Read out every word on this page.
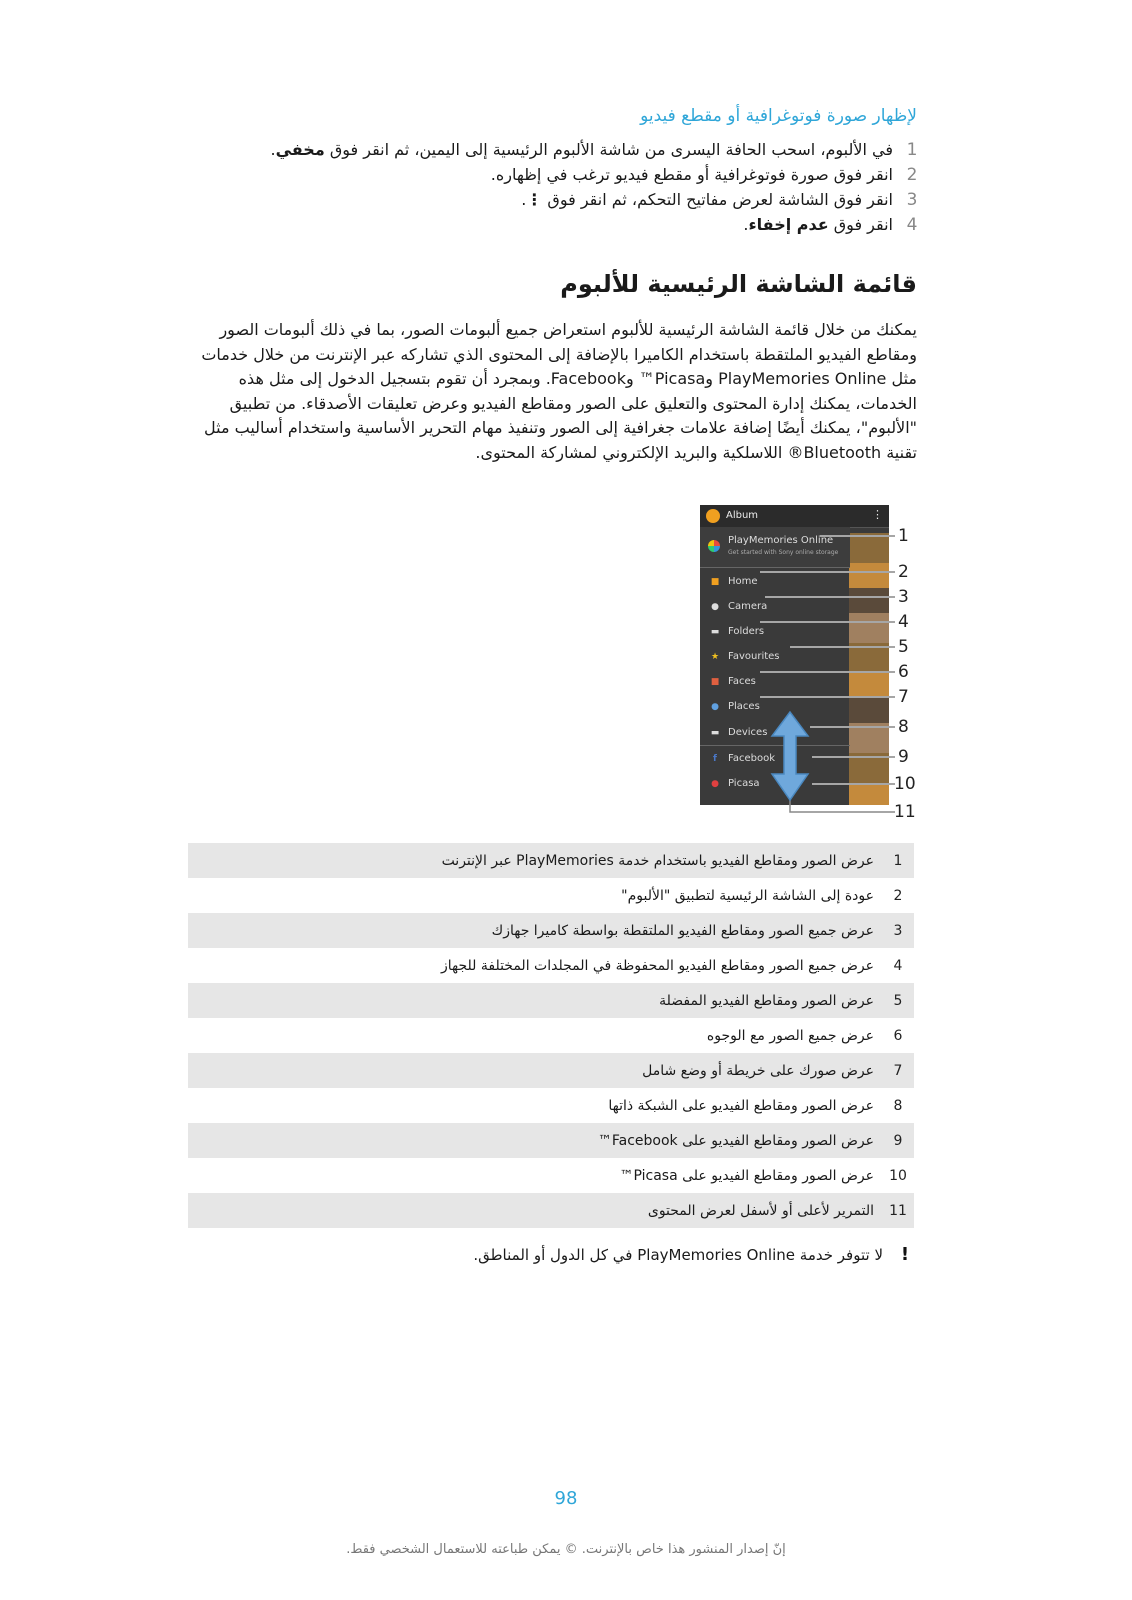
لإظهار صورة فوتوغرافية أو مقطع فيديو
1
في الألبوم، اسحب الحافة اليسرى من شاشة الألبوم الرئيسية إلى اليمين، ثم انقر فوق مخفي.
2
انقر فوق صورة فوتوغرافية أو مقطع فيديو ترغب في إظهاره.
3
انقر فوق الشاشة لعرض مفاتيح التحكم، ثم انقر فوق ⋮.
4
انقر فوق عدم إخفاء.
قائمة الشاشة الرئيسية للألبوم
يمكنك من خلال قائمة الشاشة الرئيسية للألبوم استعراض جميع ألبومات الصور، بما في ذلك ألبومات الصور ومقاطع الفيديو الملتقطة باستخدام الكاميرا بالإضافة إلى المحتوى الذي تشاركه عبر الإنترنت من خلال خدمات مثل PlayMemories Online وPicasa™ وFacebook. وبمجرد أن تقوم بتسجيل الدخول إلى مثل هذه الخدمات، يمكنك إدارة المحتوى والتعليق على الصور ومقاطع الفيديو وعرض تعليقات الأصدقاء. من تطبيق "الألبوم"، يمكنك أيضًا إضافة علامات جغرافية إلى الصور وتنفيذ مهام التحرير الأساسية واستخدام أساليب مثل تقنية Bluetooth® اللاسلكية والبريد الإلكتروني لمشاركة المحتوى.
Album	⋮
PlayMemories Online
Get started with Sony online storage
■ Home
● Camera
▬ Folders
★ Favourites
■ Faces
● Places
▬ Devices
f	Facebook
● Picasa
1
2
3
4
5
6
7
8
9
10
11
1
عرض الصور ومقاطع الفيديو باستخدام خدمة PlayMemories عبر الإنترنت
2
عودة إلى الشاشة الرئيسية لتطبيق "الألبوم"
3
عرض جميع الصور ومقاطع الفيديو الملتقطة بواسطة كاميرا جهازك
4
عرض جميع الصور ومقاطع الفيديو المحفوظة في المجلدات المختلفة للجهاز
5
عرض الصور ومقاطع الفيديو المفضلة
6
عرض جميع الصور مع الوجوه
7
عرض صورك على خريطة أو وضع شامل
8
عرض الصور ومقاطع الفيديو على الشبكة ذاتها
9
عرض الصور ومقاطع الفيديو على Facebook™
10
عرض الصور ومقاطع الفيديو على Picasa™
11
التمرير لأعلى أو لأسفل لعرض المحتوى
!
لا تتوفر خدمة PlayMemories Online في كل الدول أو المناطق.
98
إنّ إصدار المنشور هذا خاص بالإنترنت. © يمكن طباعته للاستعمال الشخصي فقط.
